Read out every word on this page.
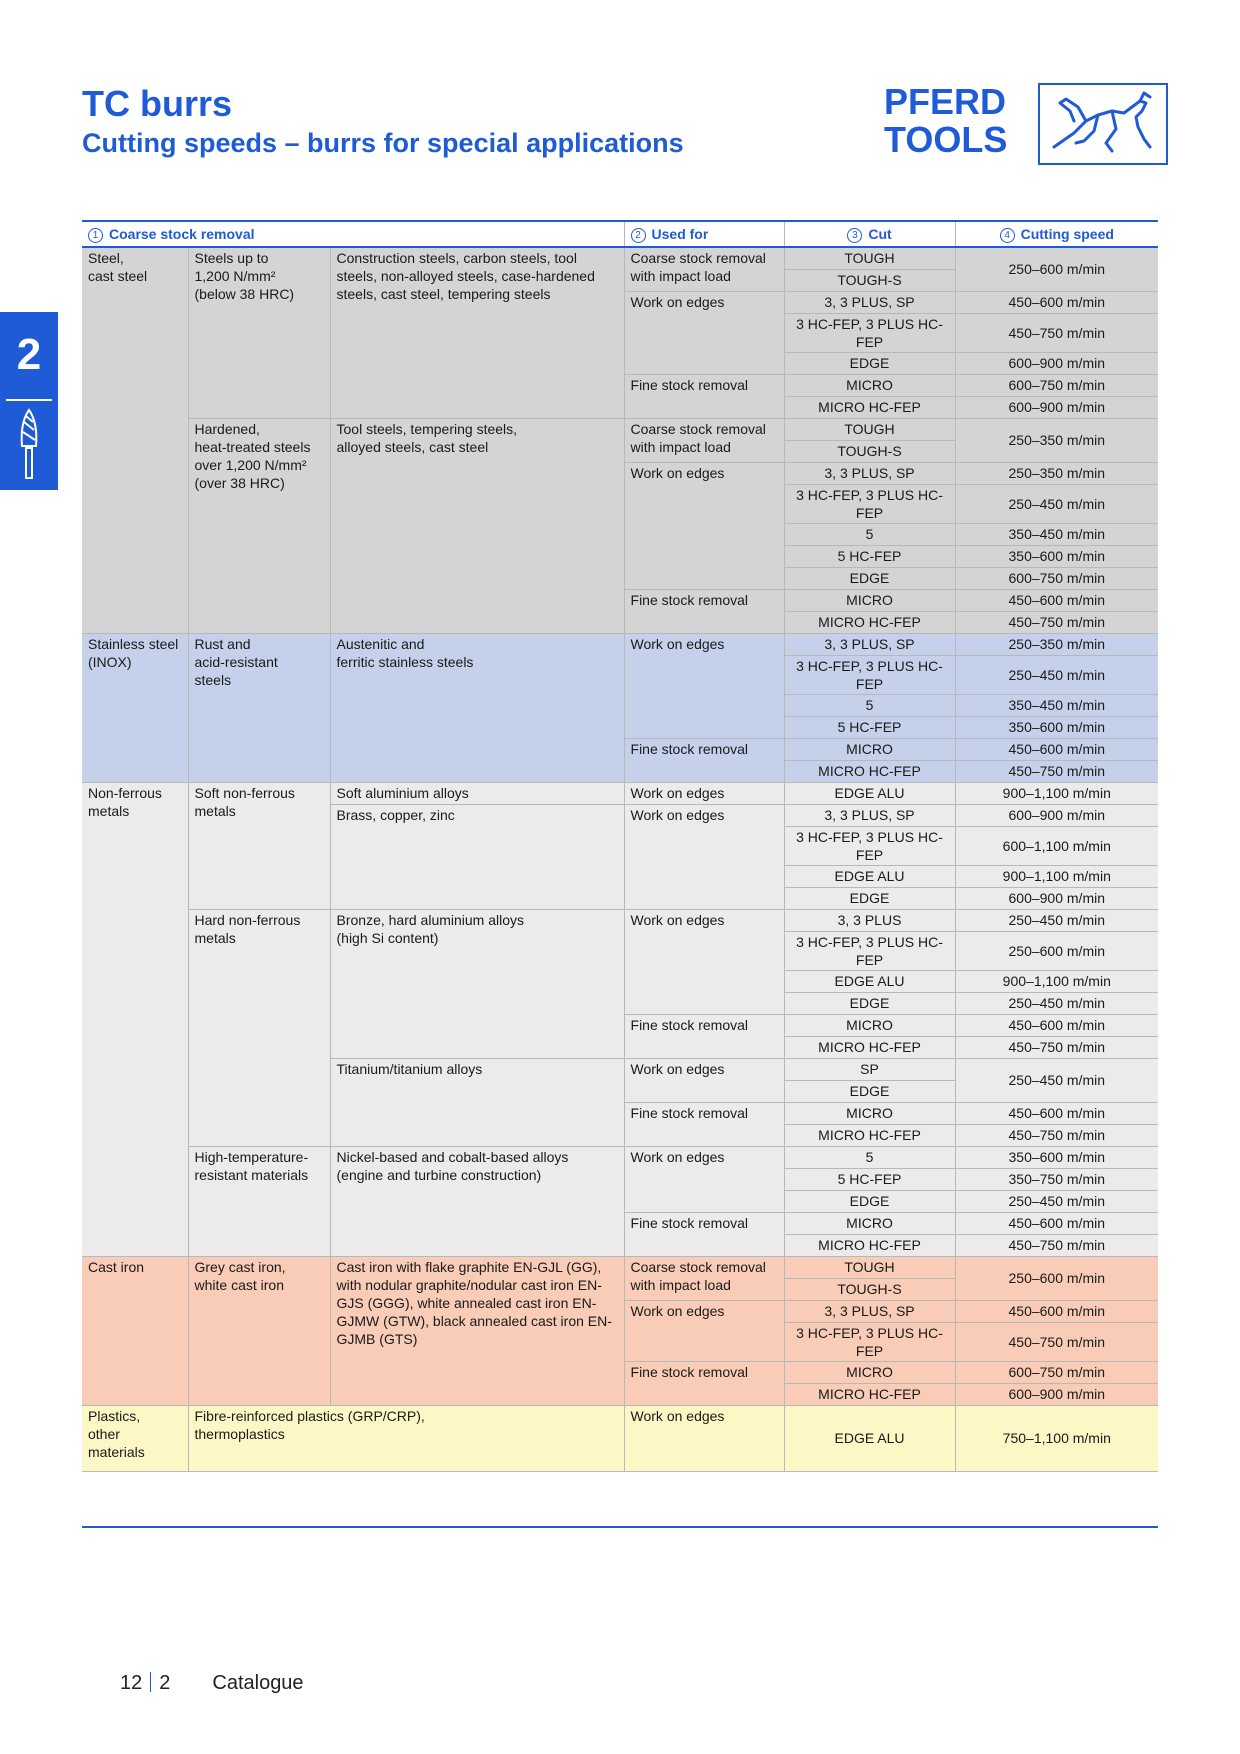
TC burrs
Cutting speeds – burrs for special applications
PFERD
TOOLS
2
1 Coarse stock removal			2 Used for	3 Cut	4 Cutting speed
Steel,
cast steel	Steels up to
1,200 N/mm²
(below 38 HRC)	Construction steels, carbon steels, tool steels, non-alloyed steels, case-hardened steels, cast steel, tempering steels	Coarse stock removal
with impact load	TOUGH	250–600 m/min
				TOUGH-S	
			Work on edges	3, 3 PLUS, SP	450–600 m/min
				3 HC-FEP, 3 PLUS HC-FEP	450–750 m/min
				EDGE	600–900 m/min
			Fine stock removal	MICRO	600–750 m/min
				MICRO HC-FEP	600–900 m/min
	Hardened,
heat-treated steels
over 1,200 N/mm²
(over 38 HRC)	Tool steels, tempering steels,
alloyed steels, cast steel	Coarse stock removal
with impact load	TOUGH	250–350 m/min
				TOUGH-S	
			Work on edges	3, 3 PLUS, SP	250–350 m/min
				3 HC-FEP, 3 PLUS HC-FEP	250–450 m/min
				5	350–450 m/min
				5 HC-FEP	350–600 m/min
				EDGE	600–750 m/min
			Fine stock removal	MICRO	450–600 m/min
				MICRO HC-FEP	450–750 m/min
Stainless steel
(INOX)	Rust and
acid-resistant
steels	Austenitic and
ferritic stainless steels	Work on edges	3, 3 PLUS, SP	250–350 m/min
				3 HC-FEP, 3 PLUS HC-FEP	250–450 m/min
				5	350–450 m/min
				5 HC-FEP	350–600 m/min
			Fine stock removal	MICRO	450–600 m/min
				MICRO HC-FEP	450–750 m/min
Non-ferrous
metals	Soft non-ferrous
metals	Soft aluminium alloys	Work on edges	EDGE ALU	900–1,100 m/min
		Brass, copper, zinc	Work on edges	3, 3 PLUS, SP	600–900 m/min
				3 HC-FEP, 3 PLUS HC-FEP	600–1,100 m/min
				EDGE ALU	900–1,100 m/min
				EDGE	600–900 m/min
	Hard non-ferrous
metals	Bronze, hard aluminium alloys
(high Si content)	Work on edges	3, 3 PLUS	250–450 m/min
				3 HC-FEP, 3 PLUS HC-FEP	250–600 m/min
				EDGE ALU	900–1,100 m/min
				EDGE	250–450 m/min
			Fine stock removal	MICRO	450–600 m/min
				MICRO HC-FEP	450–750 m/min
		Titanium/titanium alloys	Work on edges	SP	250–450 m/min
				EDGE	
			Fine stock removal	MICRO	450–600 m/min
				MICRO HC-FEP	450–750 m/min
	High-temperature-
resistant materials	Nickel-based and cobalt-based alloys
(engine and turbine construction)	Work on edges	5	350–600 m/min
				5 HC-FEP	350–750 m/min
				EDGE	250–450 m/min
			Fine stock removal	MICRO	450–600 m/min
				MICRO HC-FEP	450–750 m/min
Cast iron	Grey cast iron,
white cast iron	Cast iron with flake graphite EN-GJL (GG), with nodular graphite/nodular cast iron EN-GJS (GGG), white annealed cast iron EN-GJMW (GTW), black annealed cast iron EN-GJMB (GTS)	Coarse stock removal
with impact load	TOUGH	250–600 m/min
				TOUGH-S	
			Work on edges	3, 3 PLUS, SP	450–600 m/min
				3 HC-FEP, 3 PLUS HC-FEP	450–750 m/min
			Fine stock removal	MICRO	600–750 m/min
				MICRO HC-FEP	600–900 m/min
Plastics,
other
materials	Fibre-reinforced plastics (GRP/CRP),
thermoplastics		Work on edges	EDGE ALU	750–1,100 m/min
12 2 Catalogue
